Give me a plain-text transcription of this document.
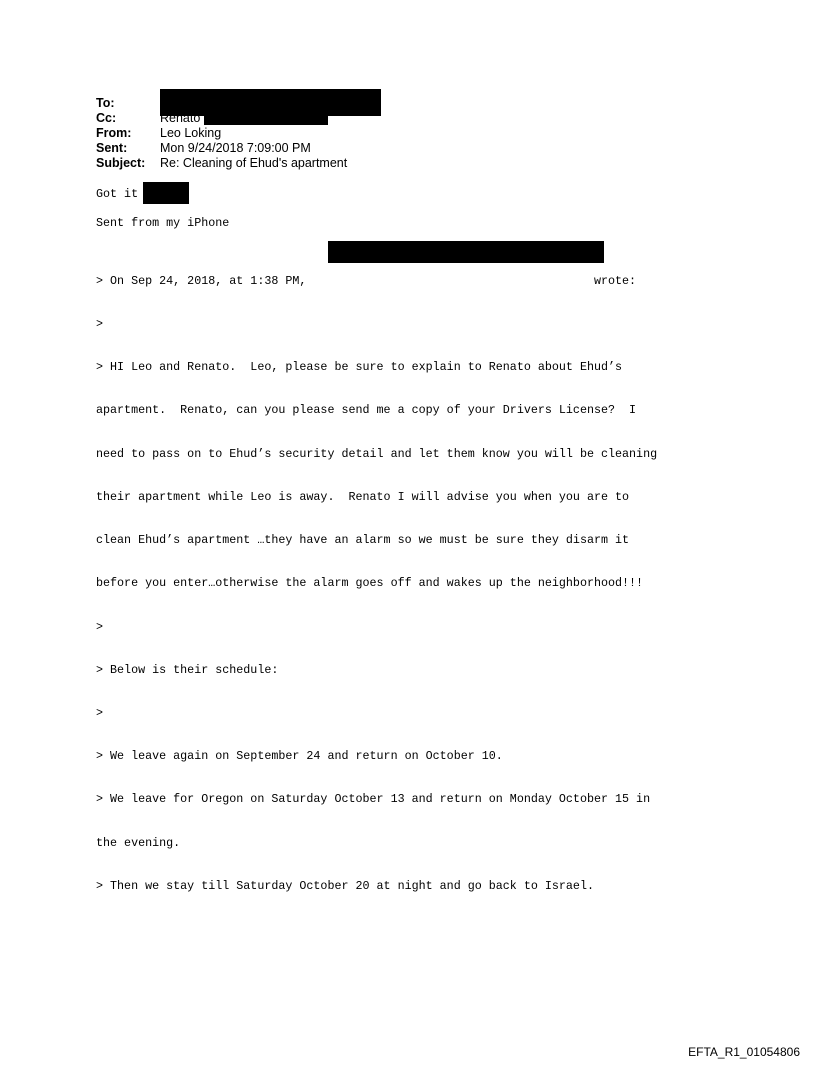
To:
Cc:	Renato
From:	Leo Loking
Sent:	Mon 9/24/2018 7:09:00 PM
Subject:	Re: Cleaning of Ehud's apartment
Got it
Sent from my iPhone

> On Sep 24, 2018, at 1:38 PM,                                         wrote:

>

> HI Leo and Renato.  Leo, please be sure to explain to Renato about Ehud’s

apartment.  Renato, can you please send me a copy of your Drivers License?  I

need to pass on to Ehud’s security detail and let them know you will be cleaning

their apartment while Leo is away.  Renato I will advise you when you are to

clean Ehud’s apartment …they have an alarm so we must be sure they disarm it

before you enter…otherwise the alarm goes off and wakes up the neighborhood!!!

>

> Below is their schedule:

>

> We leave again on September 24 and return on October 10.

> We leave for Oregon on Saturday October 13 and return on Monday October 15 in

the evening.

> Then we stay till Saturday October 20 at night and go back to Israel.

EFTA_R1_01054806
